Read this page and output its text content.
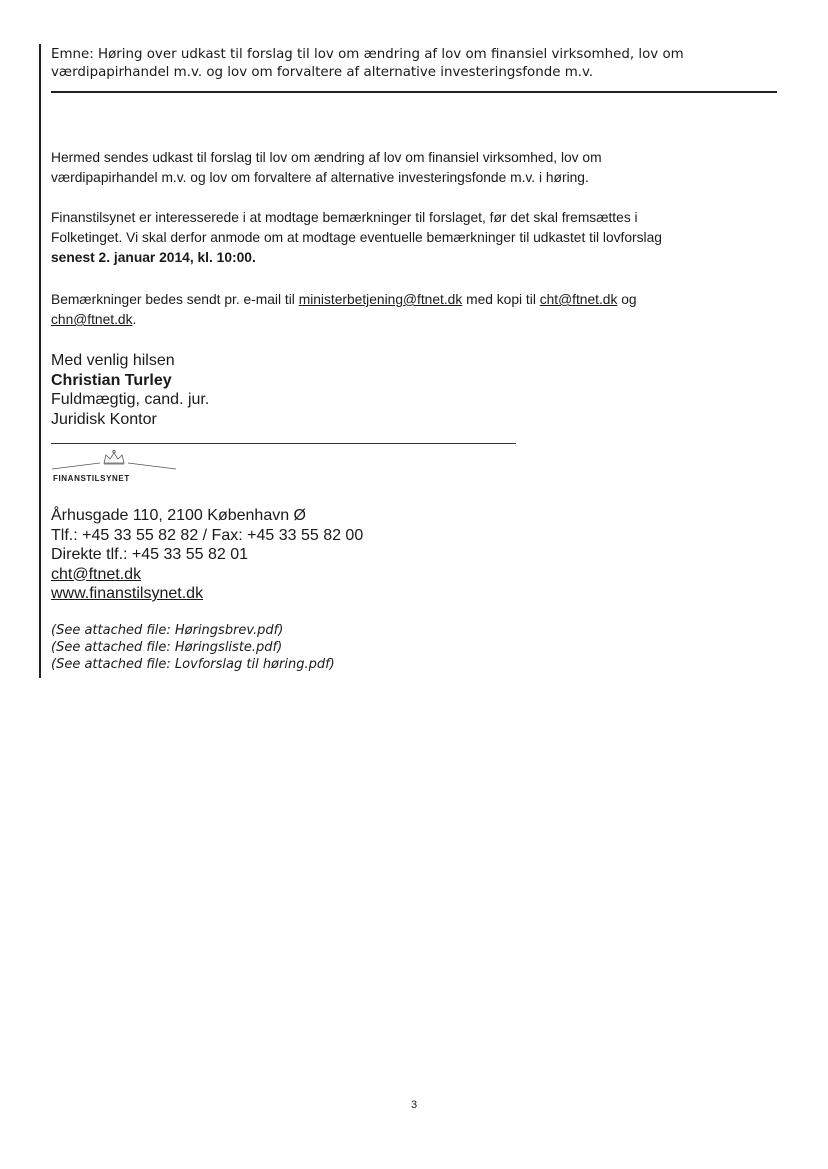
Emne: Høring over udkast til forslag til lov om ændring af lov om finansiel virksomhed, lov om
værdipapirhandel m.v. og lov om forvaltere af alternative investeringsfonde m.v.
Hermed sendes udkast til forslag til lov om ændring af lov om finansiel virksomhed, lov om
værdipapirhandel m.v. og lov om forvaltere af alternative investeringsfonde m.v. i høring.
Finanstilsynet er interesserede i at modtage bemærkninger til forslaget, før det skal fremsættes i
Folketinget. Vi skal derfor anmode om at modtage eventuelle bemærkninger til udkastet til lovforslag
senest 2. januar 2014, kl. 10:00.
Bemærkninger bedes sendt pr. e-mail til ministerbetjening@ftnet.dk med kopi til cht@ftnet.dk og
chn@ftnet.dk.
Med venlig hilsen
Christian Turley
Fuldmægtig, cand. jur.
Juridisk Kontor
FINANSTILSYNET
Århusgade 110, 2100 København Ø
Tlf.: +45 33 55 82 82 / Fax: +45 33 55 82 00
Direkte tlf.: +45 33 55 82 01
cht@ftnet.dk
www.finanstilsynet.dk
(See attached file: Høringsbrev.pdf)
(See attached file: Høringsliste.pdf)
(See attached file: Lovforslag til høring.pdf)
3
